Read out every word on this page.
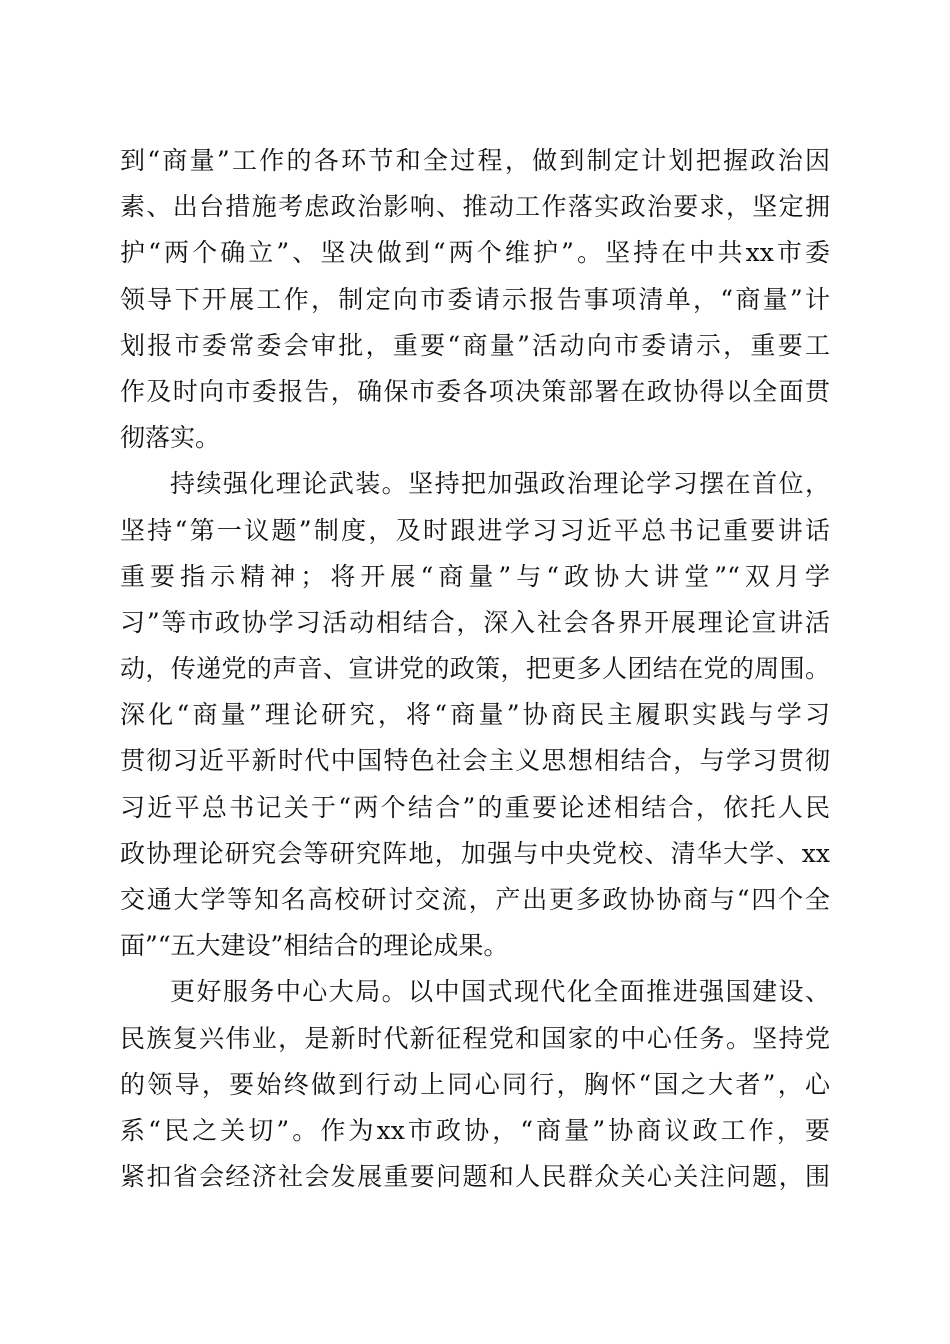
到“商量”工作的各环节和全过程，做到制定计划把握政治因
素、出台措施考虑政治影响、推动工作落实政治要求，坚定拥
护“两个确立”、坚决做到“两个维护”。坚持在中共xx市委
领导下开展工作，制定向市委请示报告事项清单，“商量”计
划报市委常委会审批，重要“商量”活动向市委请示，重要工
作及时向市委报告，确保市委各项决策部署在政协得以全面贯
彻落实。
持续强化理论武装。坚持把加强政治理论学习摆在首位，
坚持“第一议题”制度，及时跟进学习习近平总书记重要讲话
重要指示精神；将开展“商量”与“政协大讲堂”“双月学
习”等市政协学习活动相结合，深入社会各界开展理论宣讲活
动，传递党的声音、宣讲党的政策，把更多人团结在党的周围。
深化“商量”理论研究，将“商量”协商民主履职实践与学习
贯彻习近平新时代中国特色社会主义思想相结合，与学习贯彻
习近平总书记关于“两个结合”的重要论述相结合，依托人民
政协理论研究会等研究阵地，加强与中央党校、清华大学、xx
交通大学等知名高校研讨交流，产出更多政协协商与“四个全
面”“五大建设”相结合的理论成果。
更好服务中心大局。以中国式现代化全面推进强国建设、
民族复兴伟业，是新时代新征程党和国家的中心任务。坚持党
的领导，要始终做到行动上同心同行，胸怀“国之大者”，心
系“民之关切”。作为xx市政协，“商量”协商议政工作，要
紧扣省会经济社会发展重要问题和人民群众关心关注问题，围
